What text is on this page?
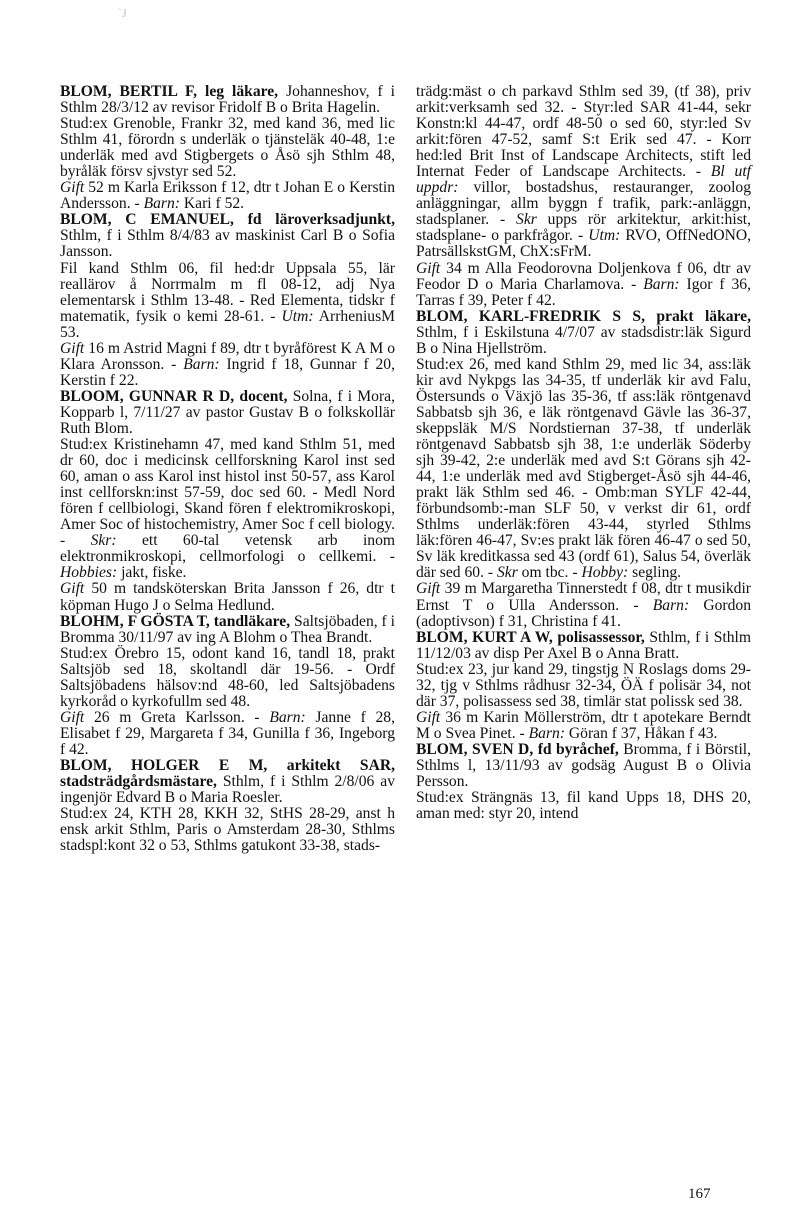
`J

BLOM, BERTIL F, leg läkare, Johanneshov, f i Sthlm 28/3/12 av revisor Fridolf B o Brita Hagelin.

Stud:ex Grenoble, Frankr 32, med kand 36, med lic Sthlm 41, förordn s underläk o tjänsteläk 40-48, 1:e underläk med avd Stigbergets o Åsö sjh Sthlm 48, byråläk försv sjvstyr sed 52.

Gift 52 m Karla Eriksson f 12, dtr t Johan E o Kerstin Andersson. - Barn: Kari f 52.

BLOM, C EMANUEL, fd läroverksadjunkt, Sthlm, f i Sthlm 8/4/83 av maskinist Carl B o Sofia Jansson.

Fil kand Sthlm 06, fil hed:dr Uppsala 55, lär reallärov å Norrmalm m fl 08-12, adj Nya elementarsk i Sthlm 13-48. - Red Elementa, tidskr f matematik, fysik o kemi 28-61. - Utm: ArrheniusM 53.

Gift 16 m Astrid Magni f 89, dtr t byråförest K A M o Klara Aronsson. - Barn: Ingrid f 18, Gunnar f 20, Kerstin f 22.

BLOOM, GUNNAR R D, docent, Solna, f i Mora, Kopparb l, 7/11/27 av pastor Gustav B o folkskollär Ruth Blom.

Stud:ex Kristinehamn 47, med kand Sthlm 51, med dr 60, doc i medicinsk cellforskning Karol inst sed 60, aman o ass Karol inst histol inst 50-57, ass Karol inst cellforskn:inst 57-59, doc sed 60. - Medl Nord fören f cellbiologi, Skand fören f elektromikroskopi, Amer Soc of histochemistry, Amer Soc f cell biology. - Skr: ett 60-tal vetensk arb inom elektronmikroskopi, cellmorfologi o cellkemi. - Hobbies: jakt, fiske.

Gift 50 m tandsköterskan Brita Jansson f 26, dtr t köpman Hugo J o Selma Hedlund.

BLOHM, F GÖSTA T, tandläkare, Saltsjöbaden, f i Bromma 30/11/97 av ing A Blohm o Thea Brandt.

Stud:ex Örebro 15, odont kand 16, tandl 18, prakt Saltsjöb sed 18, skoltandl där 19-56. - Ordf Saltsjöbadens hälsov:nd 48-60, led Saltsjöbadens kyrkoråd o kyrkofullm sed 48.

Gift 26 m Greta Karlsson. - Barn: Janne f 28, Elisabet f 29, Margareta f 34, Gunilla f 36, Ingeborg f 42.

BLOM, HOLGER E M, arkitekt SAR, stadsträdgårdsmästare, Sthlm, f i Sthlm 2/8/06 av ingenjör Edvard B o Maria Roesler.

Stud:ex 24, KTH 28, KKH 32, StHS 28-29, anst h ensk arkit Sthlm, Paris o Amsterdam 28-30, Sthlms stadspl:kont 32 o 53, Sthlms gatukont 33-38, stads-

trädg:mäst o ch parkavd Sthlm sed 39, (tf 38), priv arkit:verksamh sed 32. - Styr:led SAR 41-44, sekr Konstn:kl 44-47, ordf 48-50 o sed 60, styr:led Sv arkit:fören 47-52, samf S:t Erik sed 47. - Korr hed:led Brit Inst of Landscape Architects, stift led Internat Feder of Landscape Architects. - Bl utf uppdr: villor, bostadshus, restauranger, zoolog anläggningar, allm byggn f trafik, park:-anläggn, stadsplaner. - Skr upps rör arkitektur, arkit:hist, stadsplane- o parkfrågor. - Utm: RVO, OffNedONO, PatrsällskstGM, ChX:sFrM.

Gift 34 m Alla Feodorovna Doljenkova f 06, dtr av Feodor D o Maria Charlamova. - Barn: Igor f 36, Tarras f 39, Peter f 42.

BLOM, KARL-FREDRIK S S, prakt läkare, Sthlm, f i Eskilstuna 4/7/07 av stadsdistr:läk Sigurd B o Nina Hjellström.

Stud:ex 26, med kand Sthlm 29, med lic 34, ass:läk kir avd Nykpgs las 34-35, tf underläk kir avd Falu, Östersunds o Växjö las 35-36, tf ass:läk röntgenavd Sabbatsb sjh 36, e läk röntgenavd Gävle las 36-37, skeppsläk M/S Nordstiernan 37-38, tf underläk röntgenavd Sabbatsb sjh 38, 1:e underläk Söderby sjh 39-42, 2:e underläk med avd S:t Görans sjh 42-44, 1:e underläk med avd Stigberget-Åsö sjh 44-46, prakt läk Sthlm sed 46. - Omb:man SYLF 42-44, förbundsomb:-man SLF 50, v verkst dir 61, ordf Sthlms underläk:fören 43-44, styrled Sthlms läk:fören 46-47, Sv:es prakt läk fören 46-47 o sed 50, Sv läk kreditkassa sed 43 (ordf 61), Salus 54, överläk där sed 60. - Skr om tbc. - Hobby: segling.

Gift 39 m Margaretha Tinnerstedt f 08, dtr t musikdir Ernst T o Ulla Andersson. - Barn: Gordon (adoptivson) f 31, Christina f 41.

BLOM, KURT A W, polisassessor, Sthlm, f i Sthlm 11/12/03 av disp Per Axel B o Anna Bratt.

Stud:ex 23, jur kand 29, tingstjg N Roslags doms 29-32, tjg v Sthlms rådhusr 32-34, ÖÄ f polisär 34, not där 37, polisassess sed 38, timlär stat polissk sed 38.

Gift 36 m Karin Möllerström, dtr t apotekare Berndt M o Svea Pinet. - Barn: Göran f 37, Håkan f 43.

BLOM, SVEN D, fd byråchef, Bromma, f i Börstil, Sthlms l, 13/11/93 av godsäg August B o Olivia Persson.

Stud:ex Strängnäs 13, fil kand Upps 18, DHS 20, aman med: styr 20, intend

167
